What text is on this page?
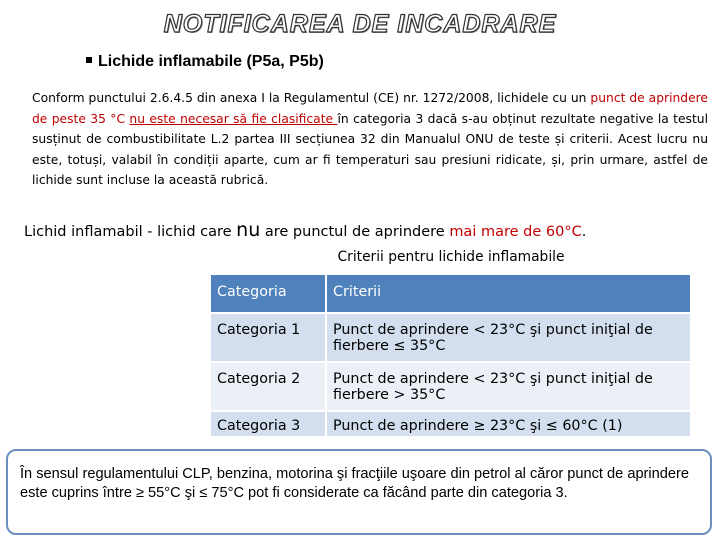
NOTIFICAREA DE INCADRARE
Lichide inflamabile (P5a, P5b)
Conform punctului 2.6.4.5 din anexa I la Regulamentul (CE) nr. 1272/2008, lichidele cu un punct de aprindere de peste 35 °C nu este necesar să fie clasificate în categoria 3 dacă s-au obținut rezultate negative la testul susținut de combustibilitate L.2 partea III secțiunea 32 din Manualul ONU de teste și criterii. Acest lucru nu este, totuși, valabil în condiții aparte, cum ar fi temperaturi sau presiuni ridicate, și, prin urmare, astfel de lichide sunt incluse la această rubrică.
Lichid inflamabil - lichid care nu are punctul de aprindere mai mare de 60°C.
Criterii pentru lichide inflamabile
Categoria	Criterii
Categoria 1	Punct de aprindere < 23°C şi punct iniţial de fierbere ≤ 35°C
Categoria 2	Punct de aprindere < 23°C şi punct iniţial de fierbere > 35°C
Categoria 3	Punct de aprindere ≥ 23°C şi ≤ 60°C (1)
În sensul regulamentului CLP, benzina, motorina şi fracţiile uşoare din petrol al căror punct de aprindere este cuprins între ≥ 55°C şi ≤ 75°C pot fi considerate ca făcând parte din categoria 3.
